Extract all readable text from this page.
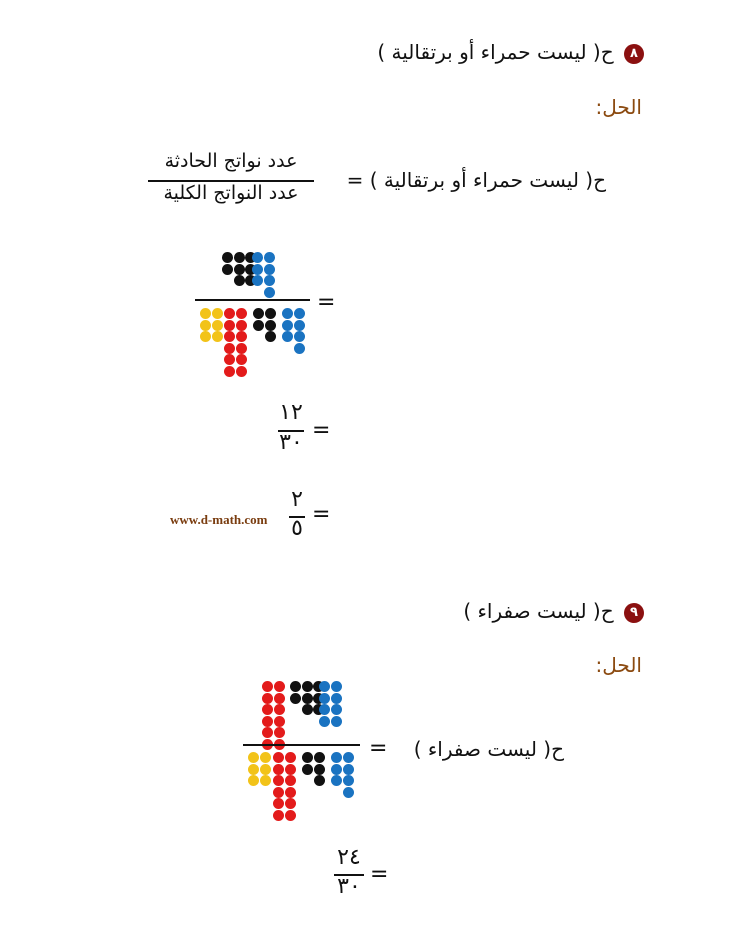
٨ ح( ليست حمراء أو برتقالية )
الحل:
ح( ليست حمراء أو برتقالية ) =
عدد نواتج الحادثة
عدد النواتج الكلية
=
١٢
٣٠ =
٢
٥
=
www.d-math.com
٩ ح( ليست صفراء )
الحل:
ح( ليست صفراء )
=
٢٤
٣٠ =
